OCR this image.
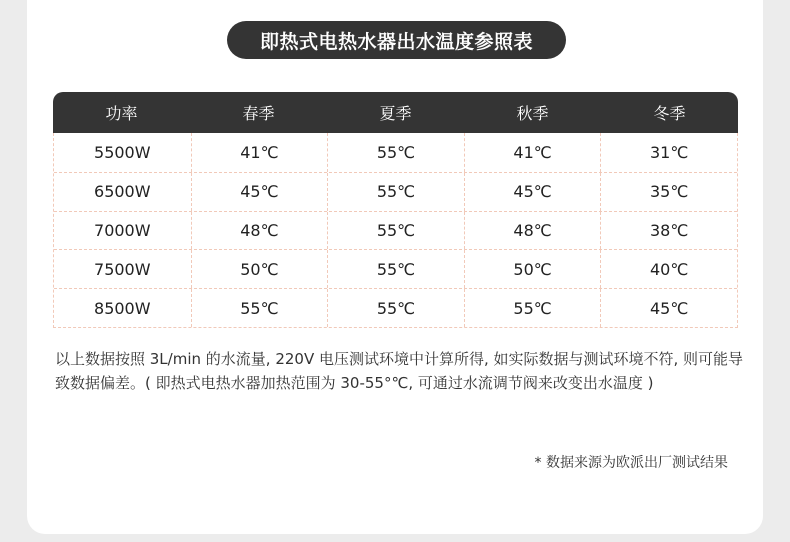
即热式电热水器出水温度参照表
功率	春季	夏季	秋季	冬季
5500W	41℃	55℃	41℃	31℃
6500W	45℃	55℃	45℃	35℃
7000W	48℃	55℃	48℃	38℃
7500W	50℃	55℃	50℃	40℃
8500W	55℃	55℃	55℃	45℃
以上数据按照 3L/min 的水流量, 220V 电压测试环境中计算所得, 如实际数据与测试环境不符, 则可能导致数据偏差。( 即热式电热水器加热范围为 30-55°℃, 可通过水流调节阀来改变出水温度 )
* 数据来源为欧派出厂测试结果
